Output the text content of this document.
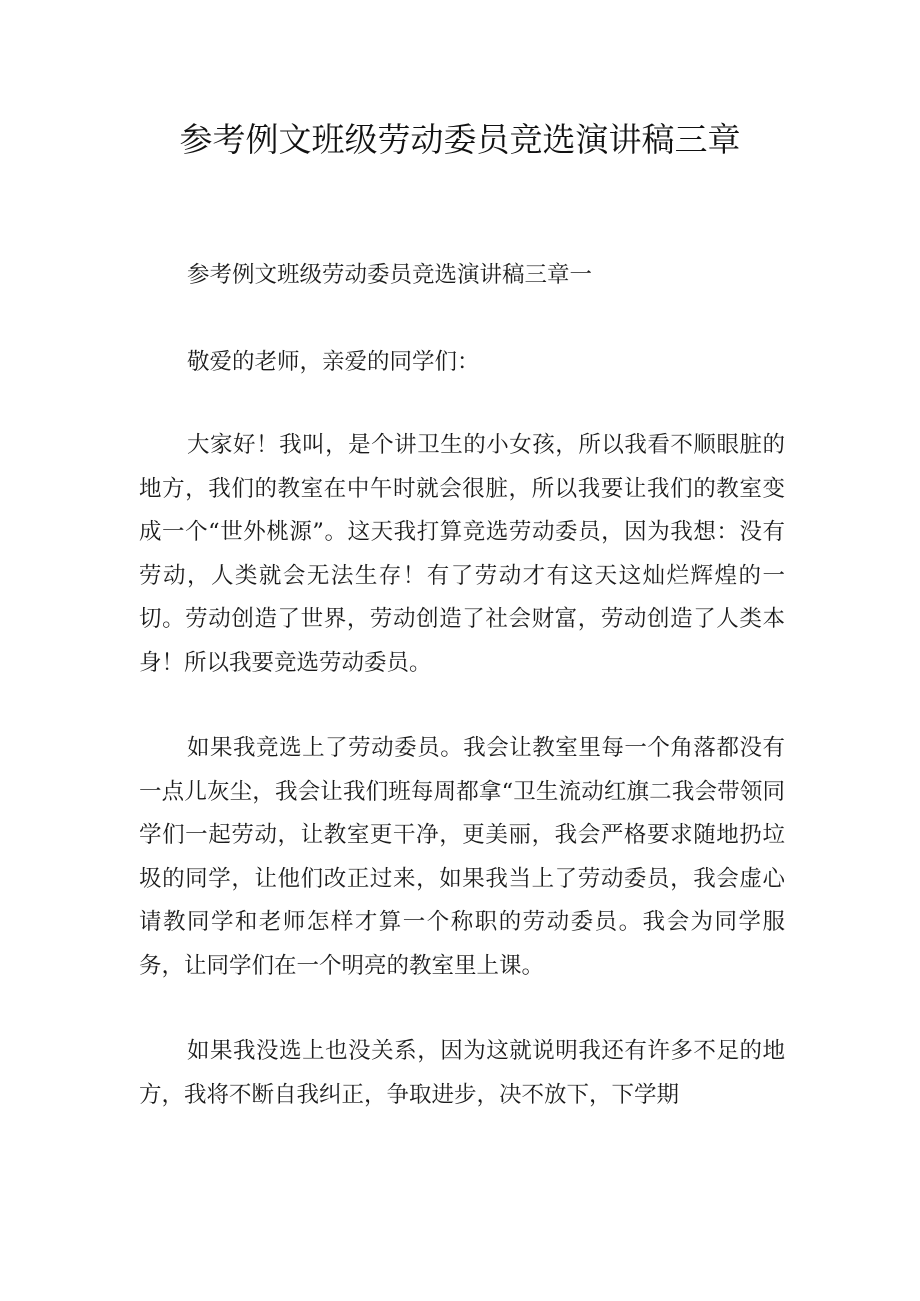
参考例文班级劳动委员竞选演讲稿三章

参考例文班级劳动委员竞选演讲稿三章一

敬爱的老师，亲爱的同学们：

大家好！我叫，是个讲卫生的小女孩，所以我看不顺眼脏的地方，我们的教室在中午时就会很脏，所以我要让我们的教室变成一个“世外桃源”。这天我打算竞选劳动委员，因为我想：没有劳动，人类就会无法生存！有了劳动才有这天这灿烂辉煌的一切。劳动创造了世界，劳动创造了社会财富，劳动创造了人类本身！所以我要竞选劳动委员。

如果我竞选上了劳动委员。我会让教室里每一个角落都没有一点儿灰尘，我会让我们班每周都拿“卫生流动红旗二我会带领同学们一起劳动，让教室更干净，更美丽，我会严格要求随地扔垃圾的同学，让他们改正过来，如果我当上了劳动委员，我会虚心请教同学和老师怎样才算一个称职的劳动委员。我会为同学服务，让同学们在一个明亮的教室里上课。

如果我没选上也没关系，因为这就说明我还有许多不足的地方，我将不断自我纠正，争取进步，决不放下，下学期
